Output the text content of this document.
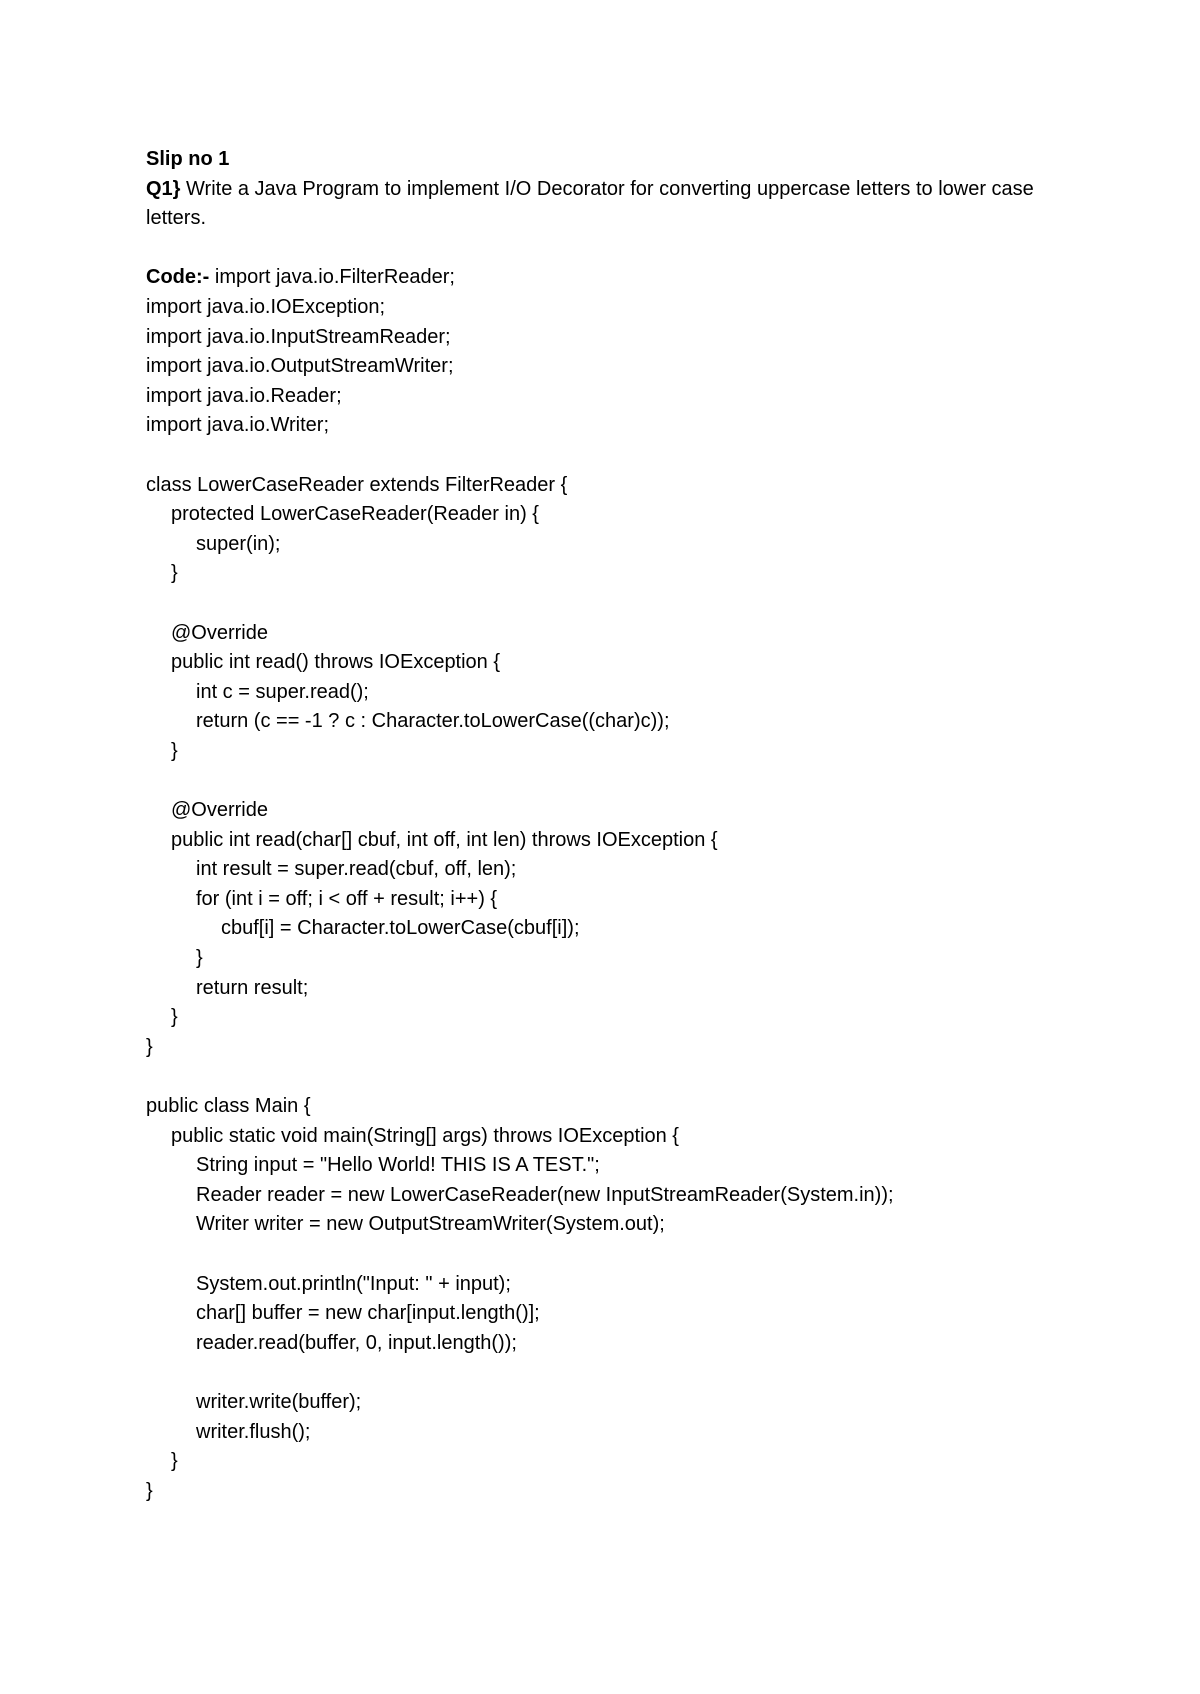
Slip no 1
Q1} Write a Java Program to implement I/O Decorator for converting uppercase letters to lower case letters.
Code:- import java.io.FilterReader;
import java.io.IOException;
import java.io.InputStreamReader;
import java.io.OutputStreamWriter;
import java.io.Reader;
import java.io.Writer;
class LowerCaseReader extends FilterReader {
protected LowerCaseReader(Reader in) {
super(in);
}
@Override
public int read() throws IOException {
int c = super.read();
return (c == -1 ? c : Character.toLowerCase((char)c));
}
@Override
public int read(char[] cbuf, int off, int len) throws IOException {
int result = super.read(cbuf, off, len);
for (int i = off; i < off + result; i++) {
cbuf[i] = Character.toLowerCase(cbuf[i]);
}
return result;
}
}
public class Main {
public static void main(String[] args) throws IOException {
String input = "Hello World! THIS IS A TEST.";
Reader reader = new LowerCaseReader(new InputStreamReader(System.in));
Writer writer = new OutputStreamWriter(System.out);
System.out.println("Input: " + input);
char[] buffer = new char[input.length()];
reader.read(buffer, 0, input.length());
writer.write(buffer);
writer.flush();
}
}
